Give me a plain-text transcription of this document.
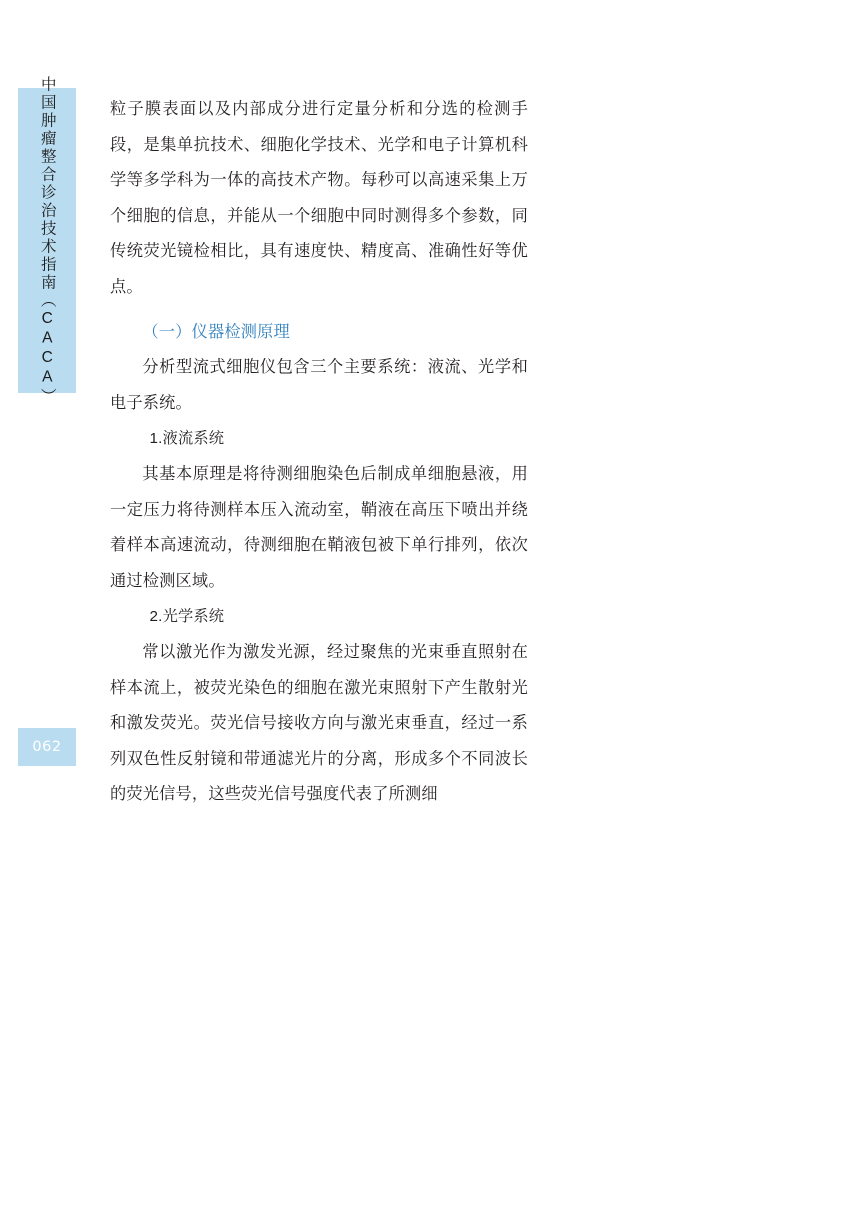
中国肿瘤整合诊治技术指南（CACA）
062

粒子膜表面以及内部成分进行定量分析和分选的检测手段，是集单抗技术、细胞化学技术、光学和电子计算机科学等多学科为一体的高技术产物。每秒可以高速采集上万个细胞的信息，并能从一个细胞中同时测得多个参数，同传统荧光镜检相比，具有速度快、精度高、准确性好等优点。

（一）仪器检测原理

分析型流式细胞仪包含三个主要系统：液流、光学和电子系统。

1.液流系统

其基本原理是将待测细胞染色后制成单细胞悬液，用一定压力将待测样本压入流动室，鞘液在高压下喷出并绕着样本高速流动，待测细胞在鞘液包被下单行排列，依次通过检测区域。

2.光学系统

常以激光作为激发光源，经过聚焦的光束垂直照射在样本流上，被荧光染色的细胞在激光束照射下产生散射光和激发荧光。荧光信号接收方向与激光束垂直，经过一系列双色性反射镜和带通滤光片的分离，形成多个不同波长的荧光信号，这些荧光信号强度代表了所测细
